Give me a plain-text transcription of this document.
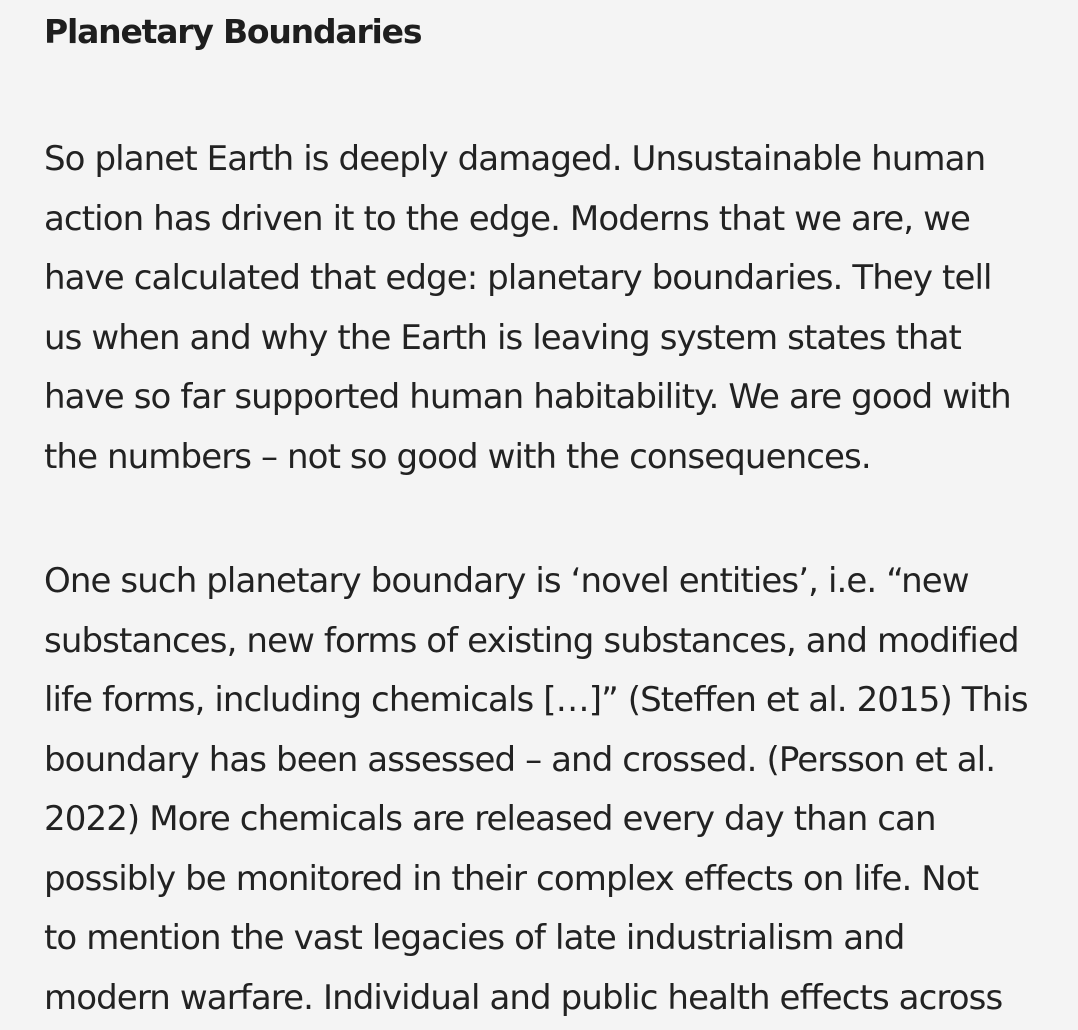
Planetary Boundaries

So planet Earth is deeply damaged. Unsustainable human
action has driven it to the edge. Moderns that we are, we
have calculated that edge: planetary boundaries. They tell
us when and why the Earth is leaving system states that
have so far supported human habitability. We are good with
the numbers – not so good with the consequences.

One such planetary boundary is ‘novel entities’, i.e. “new
substances, new forms of existing substances, and modified
life forms, including chemicals […]” (Steffen et al. 2015) This
boundary has been assessed – and crossed. (Persson et al.
2022) More chemicals are released every day than can
possibly be monitored in their complex effects on life. Not
to mention the vast legacies of late industrialism and
modern warfare. Individual and public health effects across
